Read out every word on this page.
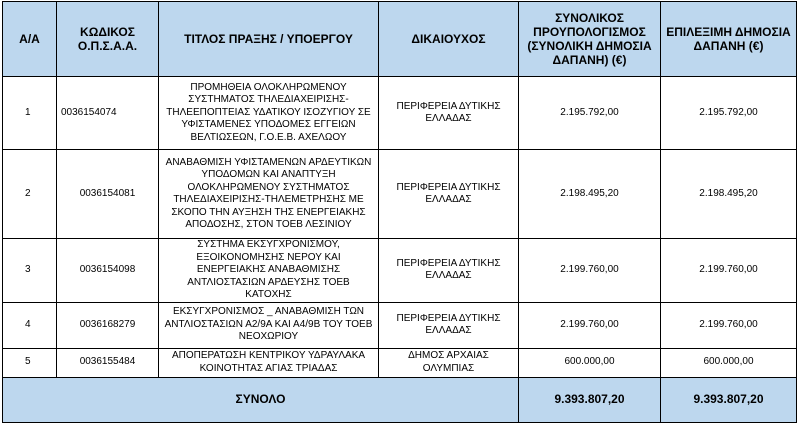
Α/Α	ΚΩΔΙΚΟΣ Ο.Π.Σ.Α.Α.	ΤΙΤΛΟΣ ΠΡΑΞΗΣ / ΥΠΟΕΡΓΟΥ	ΔΙΚΑΙΟΥΧΟΣ	ΣΥΝΟΛΙΚΟΣ ΠΡΟΥΠΟΛΟΓΙΣΜΟΣ (ΣΥΝΟΛΙΚΗ ΔΗΜΟΣΙΑ ΔΑΠΑΝΗ) (€)	ΕΠΙΛΕΞΙΜΗ ΔΗΜΟΣΙΑ ΔΑΠΑΝΗ (€)
1	0036154074	ΠΡΟΜΗΘΕΙΑ ΟΛΟΚΛΗΡΩΜΕΝΟΥ ΣΥΣΤΗΜΑΤΟΣ ΤΗΛΕΔΙΑΧΕΙΡΙΣΗΣ-ΤΗΛΕΕΠΟΠΤΕΙΑΣ ΥΔΑΤΙΚΟΥ ΙΣΟΖΥΓΙΟΥ ΣΕ ΥΦΙΣΤΑΜΕΝΕΣ ΥΠΟΔΟΜΕΣ ΕΓΓΕΙΩΝ ΒΕΛΤΙΩΣΕΩΝ, Γ.Ο.Ε.Β. ΑΧΕΛΩΟΥ	ΠΕΡΙΦΕΡΕΙΑ ΔΥΤΙΚΗΣ ΕΛΛΑΔΑΣ	2.195.792,00	2.195.792,00
2	0036154081	ΑΝΑΒΑΘΜΙΣΗ ΥΦΙΣΤΑΜΕΝΩΝ ΑΡΔΕΥΤΙΚΩΝ ΥΠΟΔΟΜΩΝ ΚΑΙ ΑΝΑΠΤΥΞΗ ΟΛΟΚΛΗΡΩΜΕΝΟΥ ΣΥΣΤΗΜΑΤΟΣ ΤΗΛΕΔΙΑΧΕΙΡΙΣΗΣ-ΤΗΛΕΜΕΤΡΗΣΗΣ ΜΕ ΣΚΟΠΟ ΤΗΝ ΑΥΞΗΣΗ ΤΗΣ ΕΝΕΡΓΕΙΑΚΗΣ ΑΠΟΔΟΣΗΣ, ΣΤΟΝ ΤΟΕΒ ΛΕΣΙΝΙΟΥ	ΠΕΡΙΦΕΡΕΙΑ ΔΥΤΙΚΗΣ ΕΛΛΑΔΑΣ	2.198.495,20	2.198.495,20
3	0036154098	ΣΥΣΤΗΜΑ ΕΚΣΥΓΧΡΟΝΙΣΜΟΥ, ΕΞΟΙΚΟΝΟΜΗΣΗΣ ΝΕΡΟΥ ΚΑΙ ΕΝΕΡΓΕΙΑΚΗΣ ΑΝΑΒΑΘΜΙΣΗΣ ΑΝΤΛΙΟΣΤΑΣΙΩΝ ΑΡΔΕΥΣΗΣ ΤΟΕΒ ΚΑΤΟΧΗΣ	ΠΕΡΙΦΕΡΕΙΑ ΔΥΤΙΚΗΣ ΕΛΛΑΔΑΣ	2.199.760,00	2.199.760,00
4	0036168279	ΕΚΣΥΓΧΡΟΝΙΣΜΟΣ _ ΑΝΑΒΑΘΜΙΣΗ ΤΩΝ ΑΝΤΛΙΟΣΤΑΣΙΩΝ Α2/9Α ΚΑΙ Α4/9Β ΤΟΥ ΤΟΕΒ ΝΕΟΧΩΡΙΟΥ	ΠΕΡΙΦΕΡΕΙΑ ΔΥΤΙΚΗΣ ΕΛΛΑΔΑΣ	2.199.760,00	2.199.760,00
5	0036155484	ΑΠΟΠΕΡΑΤΩΣΗ ΚΕΝΤΡΙΚΟΥ ΥΔΡΑΥΛΑΚΑ ΚΟΙΝΟΤΗΤΑΣ ΑΓΙΑΣ ΤΡΙΑΔΑΣ	ΔΗΜΟΣ ΑΡΧΑΙΑΣ ΟΛΥΜΠΙΑΣ	600.000,00	600.000,00
ΣΥΝΟΛΟ				9.393.807,20	9.393.807,20
